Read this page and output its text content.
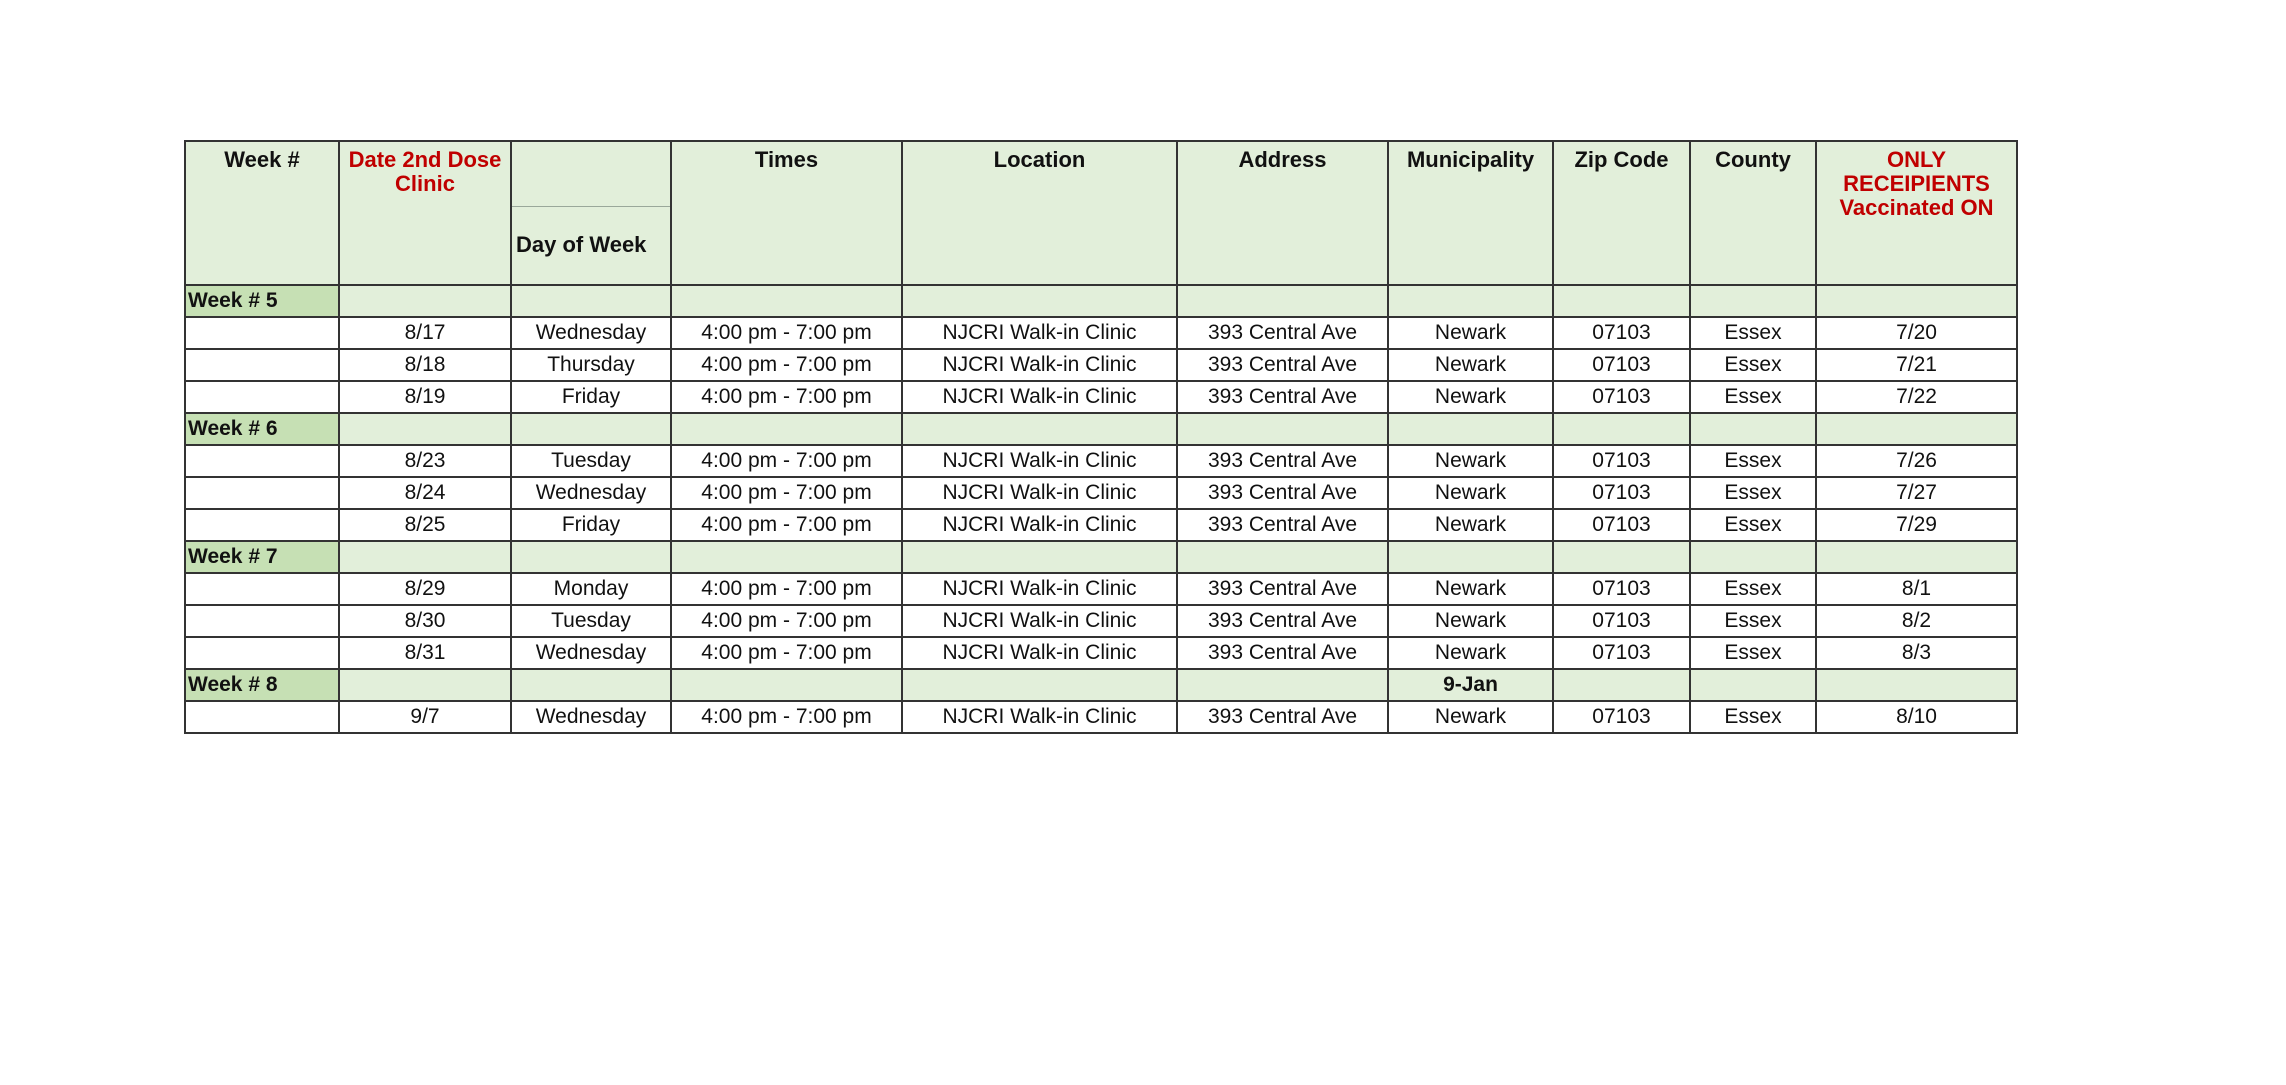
Week #	Date 2nd Dose Clinic	Day of Week	Times	Location	Address	Municipality	Zip Code	County	ONLY RECEIPIENTS Vaccinated ON
Week # 5									
	8/17	Wednesday	4:00 pm - 7:00 pm	NJCRI Walk-in Clinic	393 Central Ave	Newark	07103	Essex	7/20
	8/18	Thursday	4:00 pm - 7:00 pm	NJCRI Walk-in Clinic	393 Central Ave	Newark	07103	Essex	7/21
	8/19	Friday	4:00 pm - 7:00 pm	NJCRI Walk-in Clinic	393 Central Ave	Newark	07103	Essex	7/22
Week # 6									
	8/23	Tuesday	4:00 pm - 7:00 pm	NJCRI Walk-in Clinic	393 Central Ave	Newark	07103	Essex	7/26
	8/24	Wednesday	4:00 pm - 7:00 pm	NJCRI Walk-in Clinic	393 Central Ave	Newark	07103	Essex	7/27
	8/25	Friday	4:00 pm - 7:00 pm	NJCRI Walk-in Clinic	393 Central Ave	Newark	07103	Essex	7/29
Week # 7									
	8/29	Monday	4:00 pm - 7:00 pm	NJCRI Walk-in Clinic	393 Central Ave	Newark	07103	Essex	8/1
	8/30	Tuesday	4:00 pm - 7:00 pm	NJCRI Walk-in Clinic	393 Central Ave	Newark	07103	Essex	8/2
	8/31	Wednesday	4:00 pm - 7:00 pm	NJCRI Walk-in Clinic	393 Central Ave	Newark	07103	Essex	8/3
Week # 8						9-Jan			
	9/7	Wednesday	4:00 pm - 7:00 pm	NJCRI Walk-in Clinic	393 Central Ave	Newark	07103	Essex	8/10
